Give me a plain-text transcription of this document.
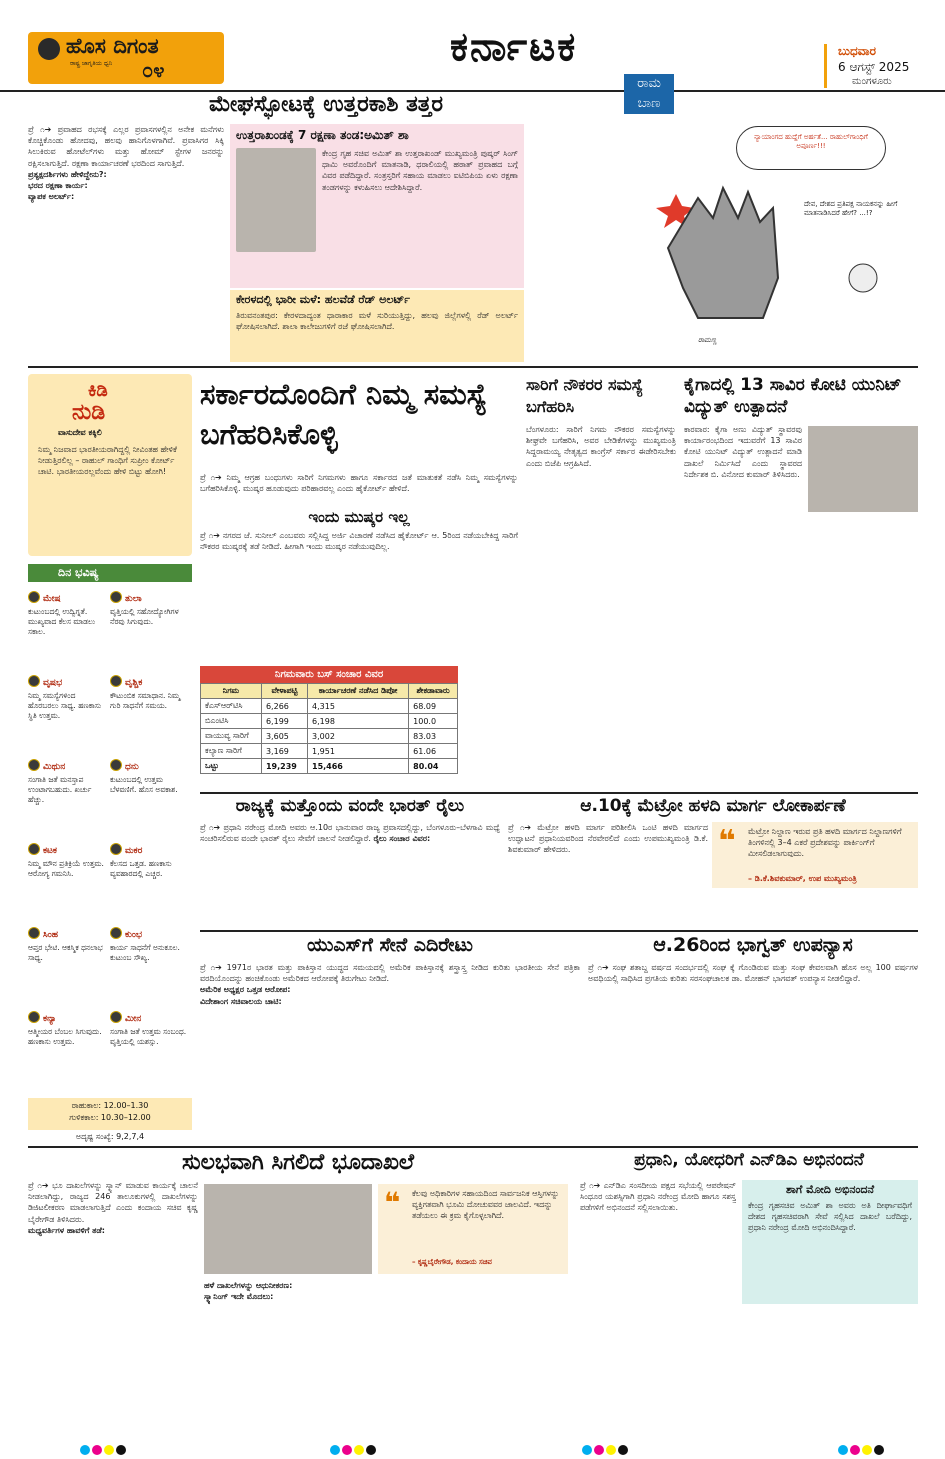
ಹೊಸ ದಿಗಂತ
೦೪
ರಾಷ್ಟ್ರ ಜಾಗೃತಿಯ ಧ್ವನಿ	ಕರ್ನಾಟಕ	ಬುಧವಾರ
6 ಆಗಸ್ಟ್ 2025
ಮಂಗಳೂರು
ಮೇಘಸ್ಫೋಟಕ್ಕೆ ಉತ್ತರಕಾಶಿ ತತ್ತರ
ಪ್ರೆ ೧➔ ಪ್ರವಾಹದ ರಭಸಕ್ಕೆ ಎಲ್ಲರ ಪ್ರವಾಸಗಳಲ್ಲಿನ ಅನೇಕ ಮನೆಗಳು ಕೊಚ್ಚಿಕೊಂಡು ಹೋದವು, ಹಲವು ಹಾನಿಗೊಳಗಾಗಿವೆ. ಪ್ರವಾಸಿಗರ ಸಿಕ್ಕಿ ಸಿಲುಕಿರುವ ಹೋಟೆಲ್‌ಗಳು ಮತ್ತು ಹೋಮ್ ಸ್ಟೇಗಳ ಜನರನ್ನು ರಕ್ಷಿಸಲಾಗುತ್ತಿದೆ. ರಕ್ಷಣಾ ಕಾರ್ಯಾಚರಣೆ ಭರದಿಂದ ಸಾಗುತ್ತಿದೆ.
ಪ್ರತ್ಯಕ್ಷದರ್ಶಿಗಳು ಹೇಳಿದ್ದೇನು?:
ಭರದ ರಕ್ಷಣಾ ಕಾರ್ಯ:
ವ್ಯಾಪಕ ಅಲರ್ಟ್:
ಉತ್ತರಾಖಂಡಕ್ಕೆ 7 ರಕ್ಷಣಾ ತಂಡ:ಅಮಿತ್ ಶಾ
ಕೇಂದ್ರ ಗೃಹ ಸಚಿವ ಅಮಿತ್ ಶಾ ಉತ್ತರಾಖಂಡ್ ಮುಖ್ಯಮಂತ್ರಿ ಪುಷ್ಕರ್ ಸಿಂಗ್ ಧಾಮಿ ಅವರೊಂದಿಗೆ ಮಾತನಾಡಿ, ಧರಾಲಿಯಲ್ಲಿ ಹಠಾತ್ ಪ್ರವಾಹದ ಬಗ್ಗೆ ವಿವರ ಪಡೆದಿದ್ದಾರೆ. ಸಂತ್ರಸ್ತರಿಗೆ ಸಹಾಯ ಮಾಡಲು ಐಟಿಬಿಪಿಯ ಏಳು ರಕ್ಷಣಾ ತಂಡಗಳನ್ನು ಕಳುಹಿಸಲು ಆದೇಶಿಸಿದ್ದಾರೆ.
ಕೇರಳದಲ್ಲಿ ಭಾರೀ ಮಳೆ: ಹಲವೆಡೆ ರೆಡ್ ಅಲರ್ಟ್
ತಿರುವನಂತಪುರ: ಕೇರಳದಾದ್ಯಂತ ಧಾರಾಕಾರ ಮಳೆ ಸುರಿಯುತ್ತಿದ್ದು, ಹಲವು ಜಿಲ್ಲೆಗಳಲ್ಲಿ ರೆಡ್ ಅಲರ್ಟ್ ಘೋಷಿಸಲಾಗಿದೆ. ಶಾಲಾ ಕಾಲೇಜುಗಳಿಗೆ ರಜೆ ಘೋಷಿಸಲಾಗಿದೆ.
ರಾಮ
ಬಾಣ
ನ್ಯಾಯಾಂಗದ ಹುದ್ದೆಗೆ ಅರ್ಹತೆ... ರಾಹುಲ್‌ಗಾಂಧಿಗೆ ಅಪೂರ್ಣ!!!
ದೇವ, ದೇಶದ ಪ್ರತಿಪಕ್ಷ ನಾಯಕನನ್ನು ಹೀಗೆ ಮಾತನಾಡಿಸಿದರೆ ಹೇಗೆ? ...!?
ರಾಮಣ್ಣ
ಕಿಡಿ
ನುಡಿ
ವಾಸುದೇವ ಕಕ್ಕಿಲಿ
ನಿಮ್ಮ ನಿಜವಾದ ಭಾರತೀಯರಾಗಿದ್ದಲ್ಲಿ ನೀವಿಂತಹ ಹೇಳಿಕೆ ನೀಡುತ್ತಿರಲಿಲ್ಲ – ರಾಹುಲ್ ಗಾಂಧಿಗೆ ಸುಪ್ರೀಂ ಕೋರ್ಟ್ ಚಾಟಿ. ಭಾರತೀಯರಲ್ಲವೆಂದು ಹೇಳಿ ಬಿಟ್ಟು ಹೋಗಿ!
ದಿನ ಭವಿಷ್ಯ
ಮೇಷ
ಕುಟುಂಬದಲ್ಲಿ ಉದ್ವಿಗ್ನತೆ. ಮುಖ್ಯವಾದ ಕೆಲಸ ಮಾಡಲು ಸಕಾಲ.
ತುಲಾ
ವೃತ್ತಿಯಲ್ಲಿ ಸಹೋದ್ಯೋಗಿಗಳ ನೆರವು ಸಿಗುವುದು.
ವೃಷಭ
ನಿಮ್ಮ ಸಮಸ್ಯೆಗಳಿಂದ ಹೊರಬರಲು ಸಾಧ್ಯ. ಹಣಕಾಸು ಸ್ಥಿತಿ ಉತ್ತಮ.
ವೃಶ್ಚಿಕ
ಕೌಟುಂಬಿಕ ಸಮಾಧಾನ. ನಿಮ್ಮ ಗುರಿ ಸಾಧನೆಗೆ ಸಮಯ.
ಮಿಥುನ
ಸಂಗಾತಿ ಜತೆ ಮನಸ್ತಾಪ ಉಂಟಾಗಬಹುದು. ಖರ್ಚು ಹೆಚ್ಚು.
ಧನು
ಕುಟುಂಬದಲ್ಲಿ ಉತ್ತಮ ಬೆಳವಣಿಗೆ. ಹೊಸ ಅವಕಾಶ.
ಕಟಕ
ನಿಮ್ಮ ಮೌನ ಪ್ರತಿಕ್ರಿಯೆ ಉತ್ತಮ. ಆರೋಗ್ಯ ಗಮನಿಸಿ.
ಮಕರ
ಕೆಲಸದ ಒತ್ತಡ. ಹಣಕಾಸು ವ್ಯವಹಾರದಲ್ಲಿ ಎಚ್ಚರ.
ಸಿಂಹ
ಆಪ್ತರ ಭೇಟಿ. ಆಕಸ್ಮಿಕ ಧನಲಾಭ ಸಾಧ್ಯ.
ಕುಂಭ
ಕಾರ್ಯ ಸಾಧನೆಗೆ ಅನುಕೂಲ. ಕುಟುಂಬ ಸೌಖ್ಯ.
ಕನ್ಯಾ
ಆತ್ಮೀಯರ ಬೆಂಬಲ ಸಿಗುವುದು. ಹಣಕಾಸು ಉತ್ತಮ.
ಮೀನ
ಸಂಗಾತಿ ಜತೆ ಉತ್ತಮ ಸಂಬಂಧ. ವೃತ್ತಿಯಲ್ಲಿ ಯಶಸ್ಸು.
ರಾಹುಕಾಲ: 12.00–1.30
ಗುಳಿಕಕಾಲ: 10.30–12.00
ಅದೃಷ್ಟ ಸಂಖ್ಯೆ: 9,2,7,4
ಸರ್ಕಾರದೊಂದಿಗೆ ನಿಮ್ಮ ಸಮಸ್ಯೆ ಬಗೆಹರಿಸಿಕೊಳ್ಳಿ
ಪ್ರೆ ೧➔ ನಿಮ್ಮ ಆಗ್ರಹ ಬಂಧುಗಳು ಸಾರಿಗೆ ನಿಗಮಗಳು ಹಾಗೂ ಸರ್ಕಾರದ ಜತೆ ಮಾತುಕತೆ ನಡೆಸಿ ನಿಮ್ಮ ಸಮಸ್ಯೆಗಳನ್ನು ಬಗೆಹರಿಸಿಕೊಳ್ಳಿ. ಮುಷ್ಕರ ಹೂಡುವುದು ಪರಿಹಾರವಲ್ಲ ಎಂದು ಹೈಕೋರ್ಟ್ ಹೇಳಿದೆ.
ಇಂದು ಮುಷ್ಕರ ಇಲ್ಲ
ಪ್ರೆ ೧➔ ನಗರದ ಜೆ. ಸುನೀಲ್ ಎಂಬವರು ಸಲ್ಲಿಸಿದ್ದ ಅರ್ಜಿ ವಿಚಾರಣೆ ನಡೆಸಿದ ಹೈಕೋರ್ಟ್ ಆ. 5ರಿಂದ ನಡೆಯಬೇಕಿದ್ದ ಸಾರಿಗೆ ನೌಕರರ ಮುಷ್ಕರಕ್ಕೆ ತಡೆ ನೀಡಿದೆ. ಹೀಗಾಗಿ ಇಂದು ಮುಷ್ಕರ ನಡೆಯುವುದಿಲ್ಲ.
ನಿಗಮವಾರು ಬಸ್ ಸಂಚಾರ ವಿವರ
ನಿಗಮ	ವೇಳಾಪಟ್ಟಿ	ಕಾರ್ಯಾಚರಣೆ ನಡೆಸಿದ ಡಿಪೋ	ಶೇಕಡಾವಾರು
ಕೆಎಸ್ಆರ್‌ಟಿಸಿ	6,266	4,315	68.09
ಬಿಎಂಟಿಸಿ	6,199	6,198	100.0
ವಾಯುವ್ಯ ಸಾರಿಗೆ	3,605	3,002	83.03
ಕಲ್ಯಾಣ ಸಾರಿಗೆ	3,169	1,951	61.06
ಒಟ್ಟು	19,239	15,466	80.04
ಸಾರಿಗೆ ನೌಕರರ ಸಮಸ್ಯೆ ಬಗೆಹರಿಸಿ
ಬೆಂಗಳೂರು: ಸಾರಿಗೆ ನಿಗಮ ನೌಕರರ ಸಮಸ್ಯೆಗಳನ್ನು ಶೀಘ್ರವೇ ಬಗೆಹರಿಸಿ, ಅವರ ಬೇಡಿಕೆಗಳನ್ನು ಮುಖ್ಯಮಂತ್ರಿ ಸಿದ್ದರಾಮಯ್ಯ ನೇತೃತ್ವದ ಕಾಂಗ್ರೆಸ್ ಸರ್ಕಾರ ಈಡೇರಿಸಬೇಕು ಎಂದು ಬಿಜೆಪಿ ಆಗ್ರಹಿಸಿದೆ.
ಕೈಗಾದಲ್ಲಿ 13 ಸಾವಿರ ಕೋಟಿ ಯುನಿಟ್ ವಿದ್ಯುತ್ ಉತ್ಪಾದನೆ
ಕಾರವಾರ: ಕೈಗಾ ಅಣು ವಿದ್ಯುತ್ ಸ್ಥಾವರವು ಕಾರ್ಯಾರಂಭದಿಂದ ಇದುವರೆಗೆ 13 ಸಾವಿರ ಕೋಟಿ ಯುನಿಟ್ ವಿದ್ಯುತ್ ಉತ್ಪಾದನೆ ಮಾಡಿ ದಾಖಲೆ ನಿರ್ಮಿಸಿದೆ ಎಂದು ಸ್ಥಾವರದ ನಿರ್ದೇಶಕ ಬಿ. ವಿನೋದ ಕುಮಾರ್ ತಿಳಿಸಿದರು.
ರಾಜ್ಯಕ್ಕೆ ಮತ್ತೊಂದು ವಂದೇ ಭಾರತ್ ರೈಲು
ಪ್ರೆ ೧➔ ಪ್ರಧಾನಿ ನರೇಂದ್ರ ಮೋದಿ ಅವರು ಆ.10ರ ಭಾನುವಾರ ರಾಜ್ಯ ಪ್ರವಾಸದಲ್ಲಿದ್ದು, ಬೆಂಗಳೂರು–ಬೆಳಗಾವಿ ಮಧ್ಯೆ ಸಂಚರಿಸಲಿರುವ ವಂದೇ ಭಾರತ್ ರೈಲು ಸೇವೆಗೆ ಚಾಲನೆ ನೀಡಲಿದ್ದಾರೆ. ರೈಲು ಸಂಚಾರ ವಿವರ:
ಆ.10ಕ್ಕೆ ಮೆಟ್ರೋ ಹಳದಿ ಮಾರ್ಗ ಲೋಕಾರ್ಪಣೆ
ಪ್ರೆ ೧➔ ಮೆಟ್ರೋ ಹಳದಿ ಮಾರ್ಗ ಪರಿಶೀಲಿಸಿ ಒಂಟಿ ಹಳದಿ ಮಾರ್ಗದ ಉದ್ಘಾಟನೆ ಪ್ರಧಾನಿಯವರಿಂದ ನೆರವೇರಲಿದೆ ಎಂದು ಉಪಮುಖ್ಯಮಂತ್ರಿ ಡಿ.ಕೆ. ಶಿವಕುಮಾರ್ ಹೇಳಿದರು.	❝ ಮೆಟ್ರೋ ನಿಲ್ದಾಣ ಇರುವ ಪ್ರತಿ ಹಳದಿ ಮಾರ್ಗದ ನಿಲ್ದಾಣಗಳಿಗೆ ತಿಂಗಳಿನಲ್ಲಿ 3–4 ಎಕರೆ ಪ್ರದೇಶವನ್ನು ಪಾರ್ಕಿಂಗ್‌ಗೆ ಮೀಸಲಿಡಲಾಗುವುದು.
– ಡಿ.ಕೆ.ಶಿವಕುಮಾರ್, ಉಪ ಮುಖ್ಯಮಂತ್ರಿ
ಯುಎಸ್‌ಗೆ ಸೇನೆ ಎದಿರೇಟು
ಪ್ರೆ ೧➔ 1971ರ ಭಾರತ ಮತ್ತು ಪಾಕಿಸ್ತಾನ ಯುದ್ಧದ ಸಮಯದಲ್ಲಿ ಅಮೆರಿಕ ಪಾಕಿಸ್ತಾನಕ್ಕೆ ಶಸ್ತ್ರಾಸ್ತ್ರ ನೀಡಿದ ಕುರಿತು ಭಾರತೀಯ ಸೇನೆ ಪತ್ರಿಕಾ ವರದಿಯೊಂದನ್ನು ಹಂಚಿಕೊಂಡು ಅಮೆರಿಕದ ಆರೋಪಕ್ಕೆ ತಿರುಗೇಟು ನೀಡಿದೆ.
ಅಮೆರಿಕ ಅಧ್ಯಕ್ಷರ ಒತ್ತಡ ಆರೋಪ:
ವಿದೇಶಾಂಗ ಸಚಿವಾಲಯ ಚಾಟಿ:
ಆ.26ರಿಂದ ಭಾಗ್ವತ್ ಉಪನ್ಯಾಸ
ಪ್ರೆ ೧➔ ಸಂಘ ಶತಾಬ್ದ ವರ್ಷದ ಸಂದರ್ಭದಲ್ಲಿ ಸಂಘ ಕ್ಕೆ ಗೊಂಡಿರುವ ಮತ್ತು ಸಂಘ ಕೇವಲವಾಗಿ ಹೊಸ ಅಲ್ಲ 100 ವರ್ಷಗಳ ಅವಧಿಯಲ್ಲಿ ಸಾಧಿಸಿದ ಪ್ರಗತಿಯ ಕುರಿತು ಸರಸಂಘಚಾಲಕ ಡಾ. ಮೋಹನ್ ಭಾಗವತ್ ಉಪನ್ಯಾಸ ನೀಡಲಿದ್ದಾರೆ.
ಸುಲಭವಾಗಿ ಸಿಗಲಿದೆ ಭೂದಾಖಲೆ
ಪ್ರೆ ೧➔ ಭೂ ದಾಖಲೆಗಳನ್ನು ಸ್ಕ್ಯಾನ್ ಮಾಡುವ ಕಾರ್ಯಕ್ಕೆ ಚಾಲನೆ ನೀಡಲಾಗಿದ್ದು, ರಾಜ್ಯದ 246 ತಾಲೂಕುಗಳಲ್ಲಿ ದಾಖಲೆಗಳನ್ನು ಡಿಜಿಟಲೀಕರಣ ಮಾಡಲಾಗುತ್ತಿದೆ ಎಂದು ಕಂದಾಯ ಸಚಿವ ಕೃಷ್ಣ ಬೈರೇಗೌಡ ತಿಳಿಸಿದರು.
ಮಧ್ಯವರ್ತಿಗಳ ಹಾವಳಿಗೆ ತಡೆ:
❝ ಕೆಲವು ಅಧಿಕಾರಿಗಳ ಸಹಾಯದಿಂದ ಸಾರ್ವಜನಿಕ ಆಸ್ತಿಗಳನ್ನು ವ್ಯಕ್ತಿಗತವಾಗಿ ಭೂಮಿ ದೋಚುವವರ ಜಾಲವಿದೆ. ಇದನ್ನು ತಡೆಯಲು ಈ ಕ್ರಮ ಕೈಗೊಳ್ಳಲಾಗಿದೆ.
– ಕೃಷ್ಣಬೈರೇಗೌಡ, ಕಂದಾಯ ಸಚಿವ
ಹಳೆ ದಾಖಲೆಗಳನ್ನು ಆಧುನೀಕರಣ:
ಸ್ಕ್ಯಾನಿಂಗ್ ಇದೇ ಮೊದಲು:
ಪ್ರಧಾನಿ, ಯೋಧರಿಗೆ ಎನ್‌ಡಿಎ ಅಭಿನಂದನೆ
ಪ್ರೆ ೧➔ ಎನ್‌ಡಿಎ ಸಂಸದೀಯ ಪಕ್ಷದ ಸಭೆಯಲ್ಲಿ ಆಪರೇಷನ್ ಸಿಂಧೂರ ಯಶಸ್ಸಿಗಾಗಿ ಪ್ರಧಾನಿ ನರೇಂದ್ರ ಮೋದಿ ಹಾಗೂ ಸಶಸ್ತ್ರ ಪಡೆಗಳಿಗೆ ಅಭಿನಂದನೆ ಸಲ್ಲಿಸಲಾಯಿತು.
ಶಾಗೆ ಮೋದಿ ಅಭಿನಂದನೆ
ಕೇಂದ್ರ ಗೃಹಸಚಿವ ಅಮಿತ್ ಶಾ ಅವರು ಅತಿ ದೀರ್ಘಾವಧಿಗೆ ದೇಶದ ಗೃಹಸಚಿವರಾಗಿ ಸೇವೆ ಸಲ್ಲಿಸಿದ ದಾಖಲೆ ಬರೆದಿದ್ದು, ಪ್ರಧಾನಿ ನರೇಂದ್ರ ಮೋದಿ ಅಭಿನಂದಿಸಿದ್ದಾರೆ.
